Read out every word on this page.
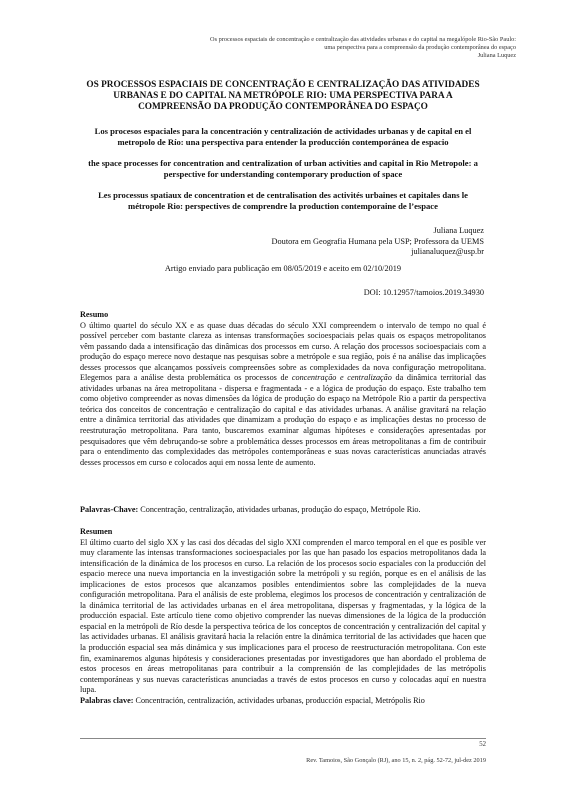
Os processos espaciais de concentração e centralização das atividades urbanas e do capital na megalópole Rio-São Paulo:
uma perspectiva para a compreensão da produção contemporânea do espaço
Juliana Luquez
OS PROCESSOS ESPACIAIS DE CONCENTRAÇÃO E CENTRALIZAÇÃO DAS ATIVIDADES URBANAS E DO CAPITAL NA METRÓPOLE RIO: UMA PERSPECTIVA PARA A COMPREENSÃO DA PRODUÇÃO CONTEMPORÂNEA DO ESPAÇO
Los procesos espaciales para la concentración y centralización de actividades urbanas y de capital en el metropolo de Río: una perspectiva para entender la producción contemporánea de espacio
the space processes for concentration and centralization of urban activities and capital in Rio Metropole: a perspective for understanding contemporary production of space
Les processus spatiaux de concentration et de centralisation des activités urbaines et capitales dans le métropole Rio: perspectives de comprendre la production contemporaine de l’espace
Juliana Luquez
Doutora em Geografia Humana pela USP; Professora da UEMS
julianaluquez@usp.br
Artigo enviado para publicação em 08/05/2019 e aceito em 02/10/2019
DOI: 10.12957/tamoios.2019.34930
Resumo
O último quartel do século XX e as quase duas décadas do século XXI compreendem o intervalo de tempo no qual é possível perceber com bastante clareza as intensas transformações socioespaciais pelas quais os espaços metropolitanos vêm passando dada a intensificação das dinâmicas dos processos em curso. A relação dos processos socioespaciais com a produção do espaço merece novo destaque nas pesquisas sobre a metrópole e sua região, pois é na análise das implicações desses processos que alcançamos possíveis compreensões sobre as complexidades da nova configuração metropolitana. Elegemos para a análise desta problemática os processos de concentração e centralização da dinâmica territorial das atividades urbanas na área metropolitana - dispersa e fragmentada - e a lógica de produção do espaço. Este trabalho tem como objetivo compreender as novas dimensões da lógica de produção do espaço na Metrópole Rio a partir da perspectiva teórica dos conceitos de concentração e centralização do capital e das atividades urbanas. A análise gravitará na relação entre a dinâmica territorial das atividades que dinamizam a produção do espaço e as implicações destas no processo de reestruturação metropolitana. Para tanto, buscaremos examinar algumas hipóteses e considerações apresentadas por pesquisadores que vêm debruçando-se sobre a problemática desses processos em áreas metropolitanas a fim de contribuir para o entendimento das complexidades das metrópoles contemporâneas e suas novas características anunciadas através desses processos em curso e colocados aqui em nossa lente de aumento.
Palavras-Chave: Concentração, centralização, atividades urbanas, produção do espaço, Metrópole Rio.
Resumen
El último cuarto del siglo XX y las casi dos décadas del siglo XXI comprenden el marco temporal en el que es posible ver muy claramente las intensas transformaciones socioespaciales por las que han pasado los espacios metropolitanos dada la intensificación de la dinámica de los procesos en curso. La relación de los procesos socio espaciales con la producción del espacio merece una nueva importancia en la investigación sobre la metrópoli y su región, porque es en el análisis de las implicaciones de estos procesos que alcanzamos posibles entendimientos sobre las complejidades de la nueva configuración metropolitana. Para el análisis de este problema, elegimos los procesos de concentración y centralización de la dinámica territorial de las actividades urbanas en el área metropolitana, dispersas y fragmentadas, y la lógica de la producción espacial. Este artículo tiene como objetivo comprender las nuevas dimensiones de la lógica de la producción espacial en la metrópoli de Río desde la perspectiva teórica de los conceptos de concentración y centralización del capital y las actividades urbanas. El análisis gravitará hacia la relación entre la dinámica territorial de las actividades que hacen que la producción espacial sea más dinámica y sus implicaciones para el proceso de reestructuración metropolitana. Con este fin, examinaremos algunas hipótesis y consideraciones presentadas por investigadores que han abordado el problema de estos procesos en áreas metropolitanas para contribuir a la comprensión de las complejidades de las metrópolis contemporáneas y sus nuevas características anunciadas a través de estos procesos en curso y colocadas aquí en nuestra lupa.
Palabras clave: Concentración, centralización, actividades urbanas, producción espacial, Metrópolis Rio
52
Rev. Tamoios, São Gonçalo (RJ), ano 15, n. 2, pág. 52-72, jul-dez 2019
